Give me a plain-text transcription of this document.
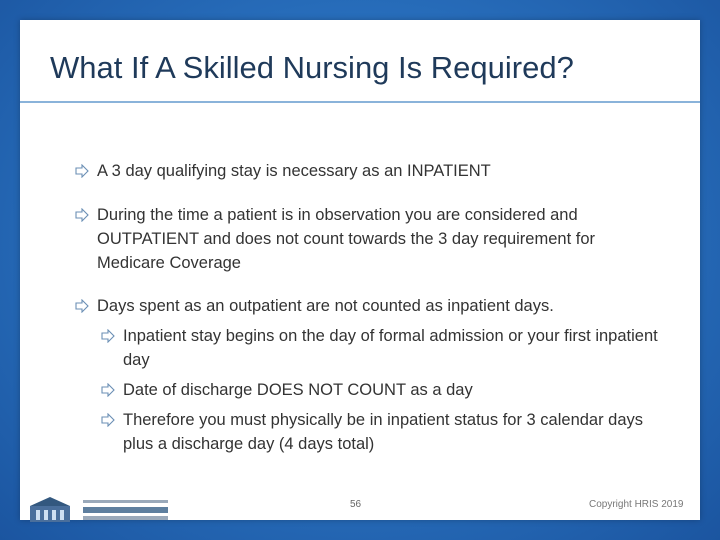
What If A Skilled Nursing Is Required?
A 3 day qualifying stay is necessary as an INPATIENT
During the time a patient is in observation you are considered and OUTPATIENT and does not count towards the 3 day requirement for Medicare Coverage
Days spent as an outpatient are not counted as inpatient days.
Inpatient stay begins on the day of formal admission or your first inpatient day
Date of discharge DOES NOT COUNT as a day
Therefore you must physically be in inpatient status for 3 calendar days plus a discharge day (4 days total)
56	Copyright HRIS 2019
